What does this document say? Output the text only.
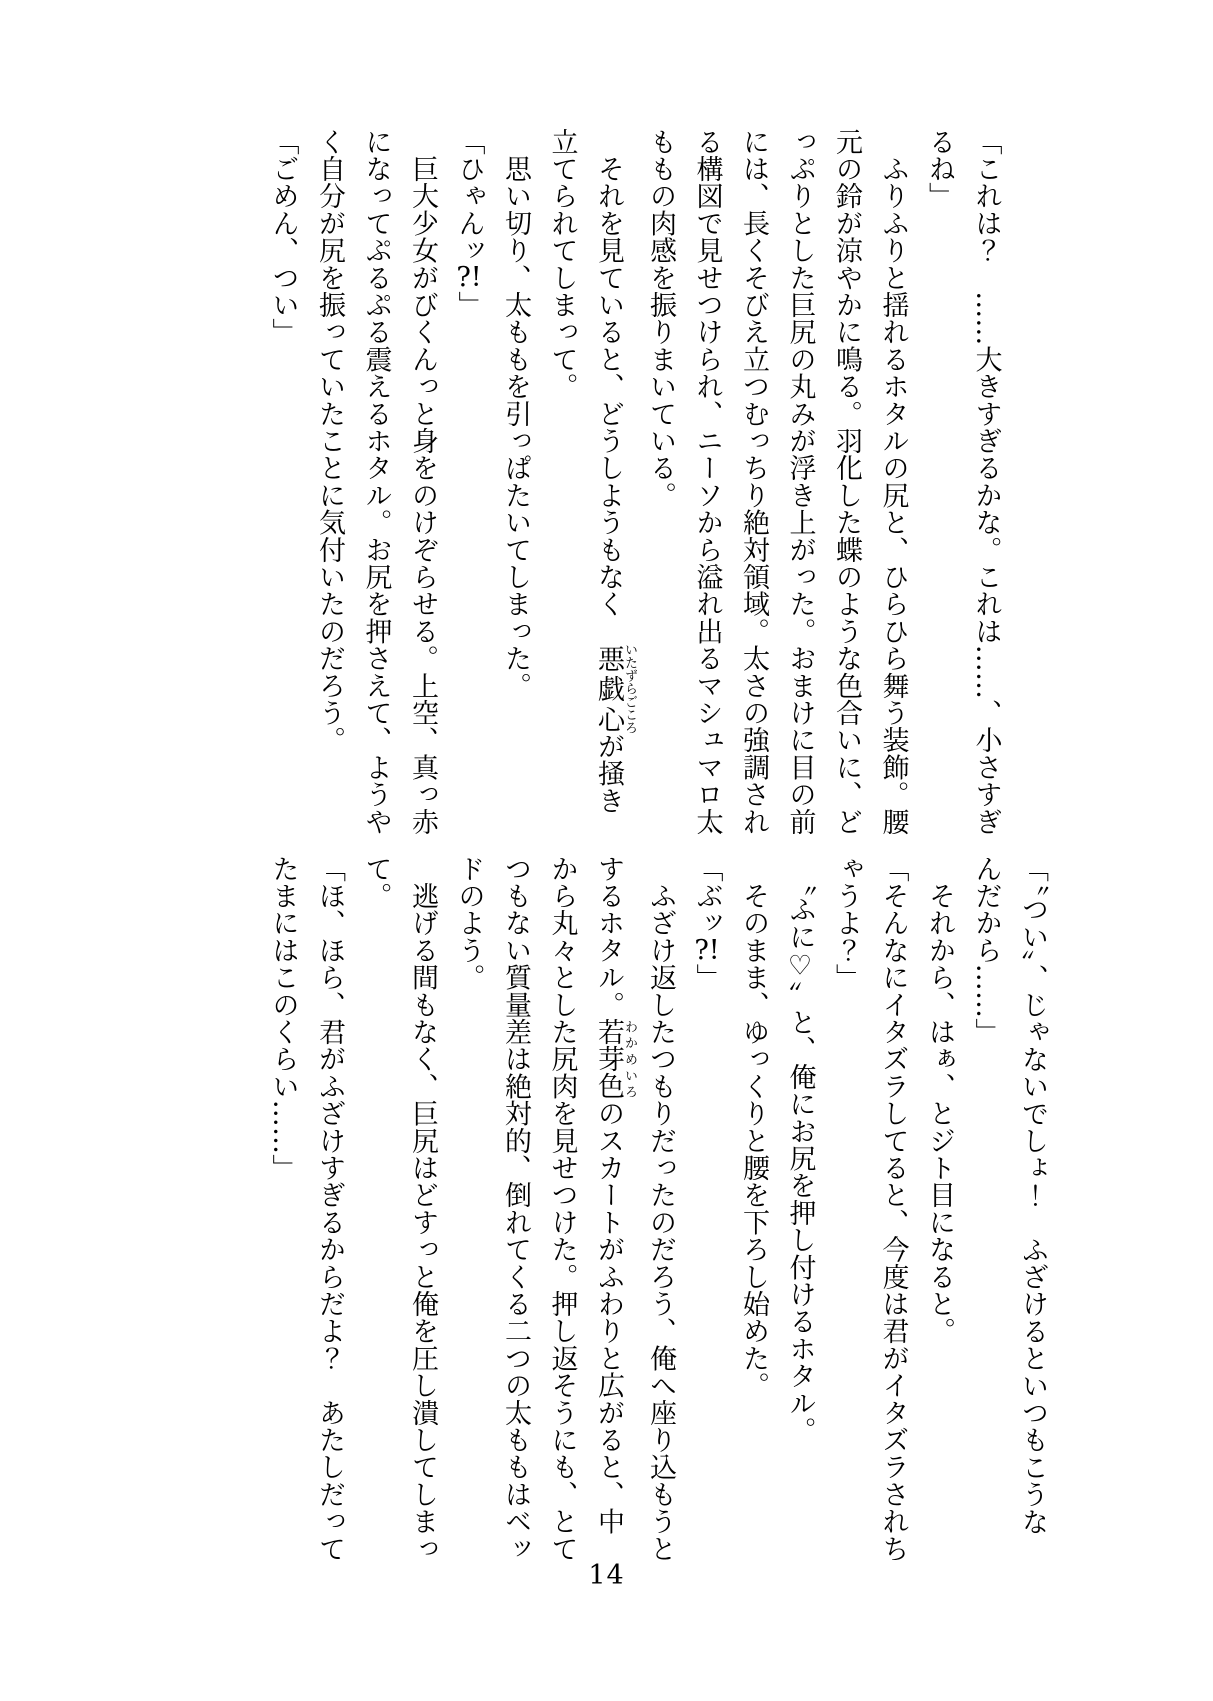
「これは？　……大きすぎるかな。これは……、小さすぎ
るね」
　ふりふりと揺れるホタルの尻と、ひらひら舞う装飾。腰
元の鈴が涼やかに鳴る。羽化した蝶のような色合いに、ど
っぷりとした巨尻の丸みが浮き上がった。おまけに目の前
には、長くそびえ立つむっちり絶対領域。太さの強調され
る構図で見せつけられ、ニーソから溢れ出るマシュマロ太
ももの肉感を振りまいている。
　それを見ていると、どうしようもなく　悪戯心いたずらごころが掻き
立てられてしまって。
　思い切り、太ももを引っぱたいてしまった。
「ひゃんッ?!」
　巨大少女がびくんっと身をのけぞらせる。上空、真っ赤
になってぷるぷる震えるホタル。お尻を押さえて、ようや
く自分が尻を振っていたことに気付いたのだろう。
「ごめん、つい」
「〝つい〟、じゃないでしょ！　ふざけるといつもこうな
んだから……」
　それから、はぁ、とジト目になると。
「そんなにイタズラしてると、今度は君がイタズラされち
ゃうよ？」
　〝ふに♡〟と、俺にお尻を押し付けるホタル。
　そのまま、ゆっくりと腰を下ろし始めた。
「ぶッ?!」
　ふざけ返したつもりだったのだろう、俺へ座り込もうと
するホタル。若芽色わかめいろのスカートがふわりと広がると、中
から丸々とした尻肉を見せつけた。押し返そうにも、とて
つもない質量差は絶対的、倒れてくる二つの太ももはベッ
ドのよう。
　逃げる間もなく、巨尻はどすっと俺を圧し潰してしまっ
て。
「ほ、ほら、君がふざけすぎるからだよ？　あたしだって
たまにはこのくらい……」
14
